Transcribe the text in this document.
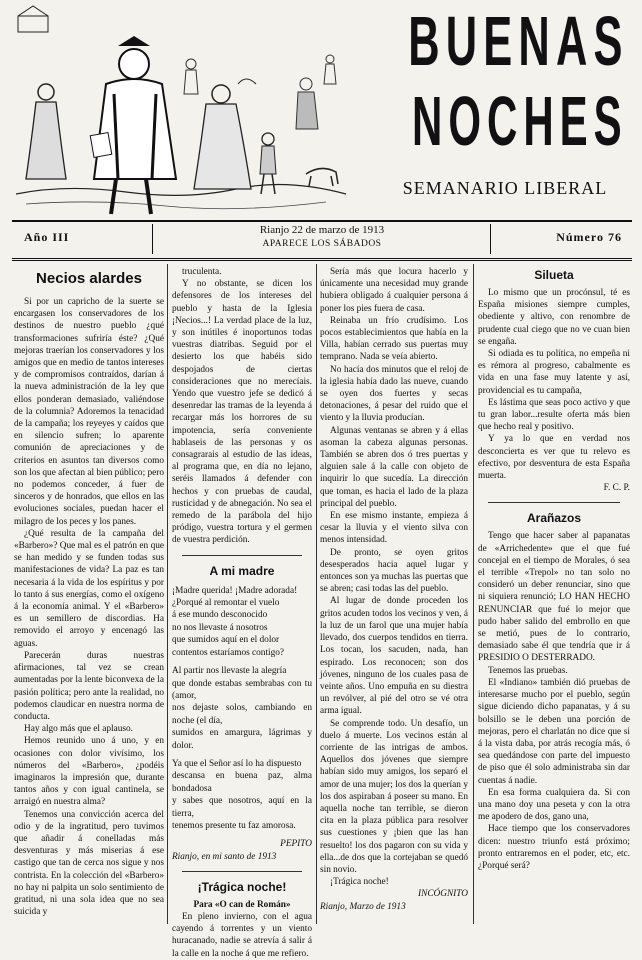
BUENAS
NOCHES
SEMANARIO LIBERAL
Año III	Rianjo 22 de marzo de 1913
APARECE LOS SÁBADOS	Número 76
Necios alardes

Si por un capricho de la suerte se encargasen los conservadores de los destinos de nuestro pueblo ¿qué transformaciones sufriría éste? ¿Qué mejoras traerían los conservadores y los amigos que en medio de tantos intereses y de compromisos contraídos, darían á la nueva administración de la ley que ellos ponderan demasiado, valiéndose de la columnia? Adoremos la tenacidad de la campaña; los reyeyes y caídos que en silencio sufren; lo aparente comunión de apreciaciones y de criterios en asuntos tan diversos como son los que afectan al bien público; pero no podemos conceder, á fuer de sinceros y de honrados, que ellos en las evoluciones sociales, puedan hacer el milagro de los peces y los panes.

¿Qué resulta de la campaña del «Barbero»? Que mal es el patrón en que se han medido y se funden todas sus manifestaciones de vida? La paz es tan necesaria á la vida de los espíritus y por lo tanto á sus energías, como el oxígeno á la economía animal. Y el «Barbero» es un semillero de discordias. Ha removido el arroyo y encenagó las aguas.

Parecerán duras nuestras afirmaciones, tal vez se crean aumentadas por la lente biconvexa de la pasión política; pero ante la realidad, no podemos claudicar en nuestra norma de conducta.

Hay algo más que el aplauso.

Hemos reunido uno á uno, y en ocasiones con dolor vivísimo, los números del «Barbero», ¿podéis imaginaros la impresión que, durante tantos años y con igual cantinela, se arraigó en nuestra alma?

Tenemos una convicción acerca del odio y de la ingratitud, pero tuvimos que añadir á conelladas más desventuras y más miserias á ese castigo que tan de cerca nos sigue y nos contrista. En la colección del «Barbero» no hay ni palpita un solo sentimiento de gratitud, ni una sola idea que no sea suicida y

truculenta.

Y no obstante, se dicen los defensores de los intereses del pueblo y hasta de la Iglesia ¡Necios...! La verdad place de la luz, y son inútiles é inoportunos todas vuestras diatribas. Seguid por el desierto los que habéis sido despojados de ciertas consideraciones que no merecíais. Yendo que vuestro jefe se dedicó á desenredar las tramas de la leyenda á recargar más los horrores de su impotencia, sería conveniente hablaseis de las personas y os consagrarais al estudio de las ideas, al programa que, en día no lejano, seréis llamados á defender con hechos y con pruebas de caudal, rusticidad y de abnegación. No sea el remedo de la parábola del hijo pródigo, vuestra tortura y el germen de vuestra perdición.

A mi madre

¡Madre querida! ¡Madre adorada!
¿Porqué al remontar el vuelo
á ese mundo desconocido
no nos llevaste á nosotros
que sumidos aquí en el dolor
contentos estaríamos contigo?

Al partir nos llevaste la alegría
que donde estabas sembrabas con tu (amor,
nos dejaste solos, cambiando en noche (el día,
sumidos en amargura, lágrimas y dolor.

Ya que el Señor así lo ha dispuesto
descansa en buena paz, alma bondadosa
y sabes que nosotros, aquí en la tierra,
tenemos presente tu faz amorosa.

PEPITO

Rianjo, en mi santo de 1913

¡Trágica noche!

Para «O can de Román»

En pleno invierno, con el agua cayendo á torrentes y un viento huracanado, nadie se atrevía á salir á la calle en la noche á que me refiero.

Sería más que locura hacerlo y únicamente una necesidad muy grande hubiera obligado á cualquier persona á poner los pies fuera de casa.

Reinaba un frío crudísimo. Los pocos establecimientos que había en la Villa, habían cerrado sus puertas muy temprano. Nada se veía abierto.

No hacía dos minutos que el reloj de la iglesia había dado las nueve, cuando se oyen dos fuertes y secas detonaciones, á pesar del ruido que el viento y la lluvia producían.

Algunas ventanas se abren y á ellas asoman la cabeza algunas personas. También se abren dos ó tres puertas y alguien sale á la calle con objeto de inquirir lo que sucedía. La dirección que toman, es hacia el lado de la plaza principal del pueblo.

En ese mismo instante, empieza á cesar la lluvia y el viento silva con menos intensidad.

De pronto, se oyen gritos desesperados hacia aquel lugar y entonces son ya muchas las puertas que se abren; casi todas las del pueblo.

Al lugar de donde proceden los gritos acuden todos los vecinos y ven, á la luz de un farol que una mujer había llevado, dos cuerpos tendidos en tierra. Los tocan, los sacuden, nada, han espirado. Los reconocen; son dos jóvenes, ninguno de los cuales pasa de veinte años. Uno empuña en su diestra un revólver, al pié del otro se vé otra arma igual.

Se comprende todo. Un desafío, un duelo á muerte. Los vecinos están al corriente de las intrigas de ambos. Aquellos dos jóvenes que siempre habían sido muy amigos, los separó el amor de una mujer; los dos la querían y los dos aspiraban á poseer su mano. En aquella noche tan terrible, se dieron cita en la plaza pública para resolver sus cuestiones y ¡bien que las han resuelto! los dos pagaron con su vida y ella...de dos que la cortejaban se quedó sin novio.

¡Trágica noche!

INCÓGNITO

Rianjo, Marzo de 1913

Silueta

Lo mismo que un procónsul, té es España misiones siempre cumples, obediente y altivo, con renombre de prudente cual ciego que no ve cuan bien se engaña.

Si odiada es tu política, no empeña ni es rémora al progreso, cabalmente es vida en una fase muy latente y así, providencial es tu campaña,

Es lástima que seas poco activo y que tu gran labor...resulte oferta más bien que hecho real y positivo.

Y ya lo que en verdad nos desconcierta es ver que tu relevo es efectivo, por desventura de esta España muerta.

F. C. P.

Arañazos

Tengo que hacer saber al papanatas de «Arrichedente» que el que fué concejal en el tiempo de Morales, ó sea el terrible «Trepol» no tan solo no consideró un deber renunciar, sino que ni siquiera renunció; LO HAN HECHO RENUNCIAR que fué lo mejor que pudo haber salido del embrollo en que se metió, pues de lo contrario, demasiado sabe él que tendría que ir á PRESIDIO O DESTERRADO.

Tenemos las pruebas.

El «Indiano» también dió pruebas de interesarse mucho por el pueblo, según sigue diciendo dicho papanatas, y á su bolsillo se le deben una porción de mejoras, pero el charlatán no dice que si á la vista daba, por atrás recogía más, ó sea quedándose con parte del impuesto de piso que él solo administraba sin dar cuentas á nadie.

En esa forma cualquiera da. Si con una mano doy una peseta y con la otra me apodero de dos, gano una,

Hace tiempo que los conservadores dicen: nuestro triunfo está próximo; pronto entraremos en el poder, etc, etc. ¿Porqué será?
